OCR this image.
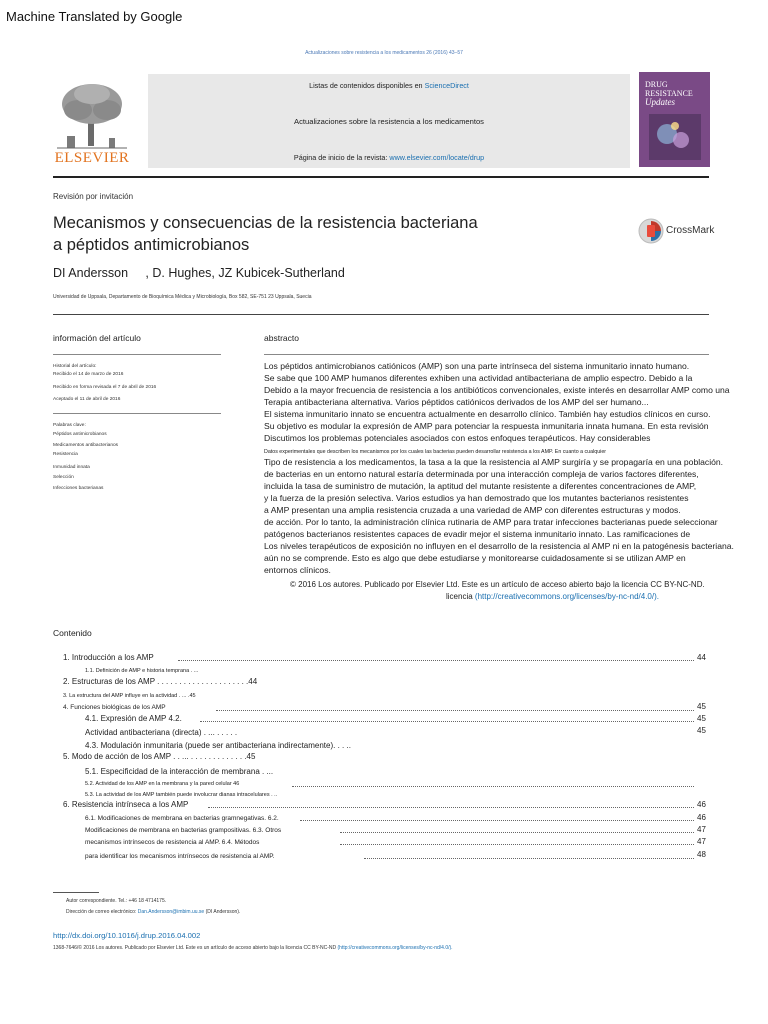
Machine Translated by Google
Actualizaciones sobre resistencia a los medicamentos 26 (2016) 43–57
ELSEVIER
Listas de contenidos disponibles en ScienceDirect
Actualizaciones sobre la resistencia a los medicamentos
Página de inicio de la revista: www.elsevier.com/locate/drup
DRUG
RESISTANCE
Updates
Revisión por invitación
Mecanismos y consecuencias de la resistencia bacteriana
a péptidos antimicrobianos
CrossMark
DI Andersson     , D. Hughes, JZ Kubicek-Sutherland
Universidad de Uppsala, Departamento de Bioquímica Médica y Microbiología, Box 582, SE-751 23 Uppsala, Suecia
información del artículo	abstracto
Historial del artículo:
Recibido el 14 de marzo de 2016
Recibido en forma revisada el 7 de abril de 2016
Aceptado el 11 de abril de 2016
Palabras clave:
Péptidos antimicrobianos
Medicamentos antibacterianos
Resistencia
Inmunidad innata
Selección
Infecciones bacterianas
Los péptidos antimicrobianos catiónicos (AMP) son una parte intrínseca del sistema inmunitario innato humano.
Se sabe que 100 AMP humanos diferentes exhiben una actividad antibacteriana de amplio espectro. Debido a la
Debido a la mayor frecuencia de resistencia a los antibióticos convencionales, existe interés en desarrollar AMP como una
Terapia antibacteriana alternativa. Varios péptidos catiónicos derivados de los AMP del ser humano...
El sistema inmunitario innato se encuentra actualmente en desarrollo clínico. También hay estudios clínicos en curso.
Su objetivo es modular la expresión de AMP para potenciar la respuesta inmunitaria innata humana. En esta revisión
Discutimos los problemas potenciales asociados con estos enfoques terapéuticos. Hay considerables
Datos experimentales que describen los mecanismos por los cuales las bacterias pueden desarrollar resistencia a los AMP. En cuanto a cualquier
Tipo de resistencia a los medicamentos, la tasa a la que la resistencia al AMP surgiría y se propagaría en una población.
de bacterias en un entorno natural estaría determinada por una interacción compleja de varios factores diferentes,
incluida la tasa de suministro de mutación, la aptitud del mutante resistente a diferentes concentraciones de AMP,
y la fuerza de la presión selectiva. Varios estudios ya han demostrado que los mutantes bacterianos resistentes
a AMP presentan una amplia resistencia cruzada a una variedad de AMP con diferentes estructuras y modos.
de acción. Por lo tanto, la administración clínica rutinaria de AMP para tratar infecciones bacterianas puede seleccionar
patógenos bacterianos resistentes capaces de evadir mejor el sistema inmunitario innato. Las ramificaciones de
Los niveles terapéuticos de exposición no influyen en el desarrollo de la resistencia al AMP ni en la patogénesis bacteriana.
aún no se comprende. Esto es algo que debe estudiarse y monitorearse cuidadosamente si se utilizan AMP en
entornos clínicos.
© 2016 Los autores. Publicado por Elsevier Ltd. Este es un artículo de acceso abierto bajo la licencia CC BY-NC-ND.
licencia (http://creativecommons.org/licenses/by-nc-nd/4.0/).
Contenido
1. Introducción a los AMP	44
1.1. Definición de AMP e historia temprana . ...
2. Estructuras de los AMP . . . . . . . . . . . . . . . . . . . . .44
3. La estructura del AMP influye en la actividad . ... .45
4. Funciones biológicas de los AMP	45
4.1. Expresión de AMP 4.2.	45
Actividad antibacteriana (directa) . ... . . . . .	45
4.3. Modulación inmunitaria (puede ser antibacteriana indirectamente). . . ..
5. Modo de acción de los AMP . . ... . . . . . . . . . . . . .45
5.1. Especificidad de la interacción de membrana . ...
5.2. Actividad de los AMP en la membrana y la pared celular 46
5.3. La actividad de los AMP también puede involucrar dianas intracelulares . ..
6. Resistencia intrínseca a los AMP	46
6.1. Modificaciones de membrana en bacterias gramnegativas. 6.2.	46
Modificaciones de membrana en bacterias grampositivas. 6.3. Otros	47
mecanismos intrínsecos de resistencia al AMP. 6.4. Métodos	47
para identificar los mecanismos intrínsecos de resistencia al AMP.	48
Autor correspondiente. Tel.: +46 18 4714175.
Dirección de correo electrónico: Dan.Andersson@imbim.uu.se (DI Andersson).
http://dx.doi.org/10.1016/j.drup.2016.04.002
1368-7646/© 2016 Los autores. Publicado por Elsevier Ltd. Este es un artículo de acceso abierto bajo la licencia CC BY-NC-ND (http://creativecommons.org/licenses/by-nc-nd/4.0/).
